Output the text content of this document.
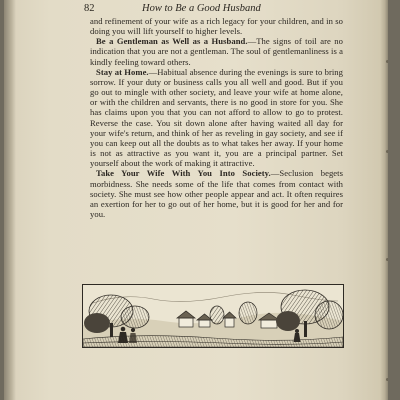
82	How to Be a Good Husband

and refinement of your wife as a rich legacy for your children, and in so doing you will lift yourself to higher levels.

Be a Gentleman as Well as a Husband.—The signs of toil are no indication that you are not a gentleman. The soul of gentlemanliness is a kindly feeling toward others.

Stay at Home.—Habitual absence during the evenings is sure to bring sorrow. If your duty or business calls you all well and good. But if you go out to mingle with other society, and leave your wife at home alone, or with the children and servants, there is no good in store for you. She has claims upon you that you can not afford to allow to go to protest. Reverse the case. You sit down alone after having waited all day for your wife's return, and think of her as reveling in gay society, and see if you can keep out all the doubts as to what takes her away. If your home is not as attractive as you want it, you are a principal partner. Set yourself about the work of making it attractive.

Take Your Wife With You Into Society.—Seclusion begets morbidness. She needs some of the life that comes from contact with society. She must see how other people appear and act. It often requires an exertion for her to go out of her home, but it is good for her and for you.
